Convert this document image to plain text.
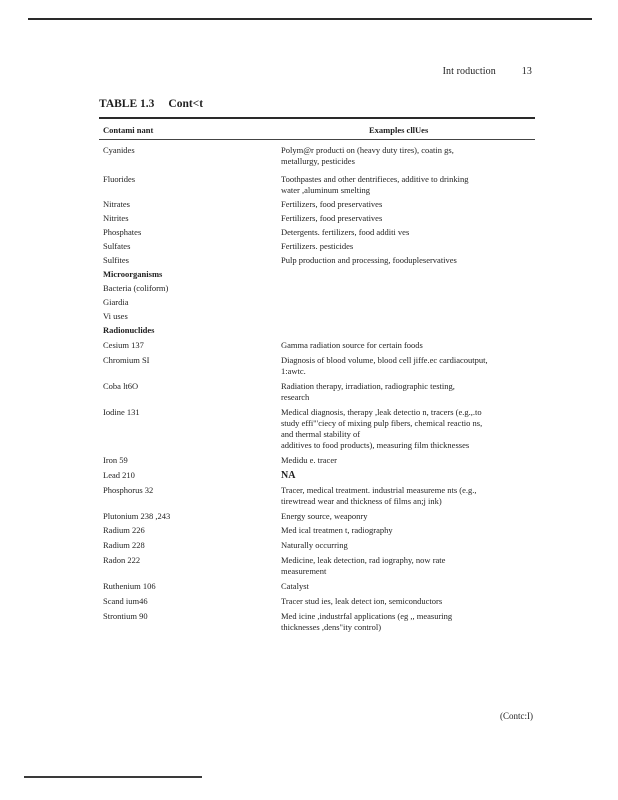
Int roduction	13
TABLE 1.3 Cont<t
Contami nant	Examples cllUes
Cyanides	Polym@r producti on (heavy duty tires), coatin gs,
metallurgy, pesticides
Fluorides	Toothpastes and other dentrifieces, additive to drinking
water ,aluminum smelting
Nitrates	Fertilizers, food preservatives
Nitrites	Fertilizers, food preservatives
Phosphates	Detergents. fertilizers, food additi ves
Sulfates	Fertilizers. pesticides
Sulfites	Pulp production and processing, foodupleservatives
Microorganisms
Bacteria (coliform)
Giardia
Vi uses
Radionuclides
Cesium 137	Gamma radiation source for certain foods
Chromium SI	Diagnosis of blood volume, blood cell jiffe.ec cardiacoutput,
1:awtc.
Coba lt6O	Radiation therapy, irradiation, radiographic testing,
research
Iodine 131	Medical diagnosis, therapy ,leak detectio n, tracers (e.g.,.to
study effi"'ciecy of mixing pulp fibers, chemical reactio ns,
and thermal stability of
additives to food products), measuring film thicknesses
Iron 59	Medidu e. tracer
Lead 210	NA
Phosphorus 32	Tracer, medical treatment. industrial measureme nts (e.g.,
tirewtread wear and thickness of films an;j ink)
Plutonium 238 ,243	Energy source, weaponry
Radium 226	Med ical treatmen t, radiography
Radium 228	Naturally occurring
Radon 222	Medicine, leak detection, rad iography, now rate
measurement
Ruthenium 106	Catalyst
Scand ium46	Tracer stud ies, leak detect ion, semiconductors
Strontium 90	Med icine ,industrfal applications (eg ,, measuring
thicknesses ,dens"ity control)
(Contc:I)
